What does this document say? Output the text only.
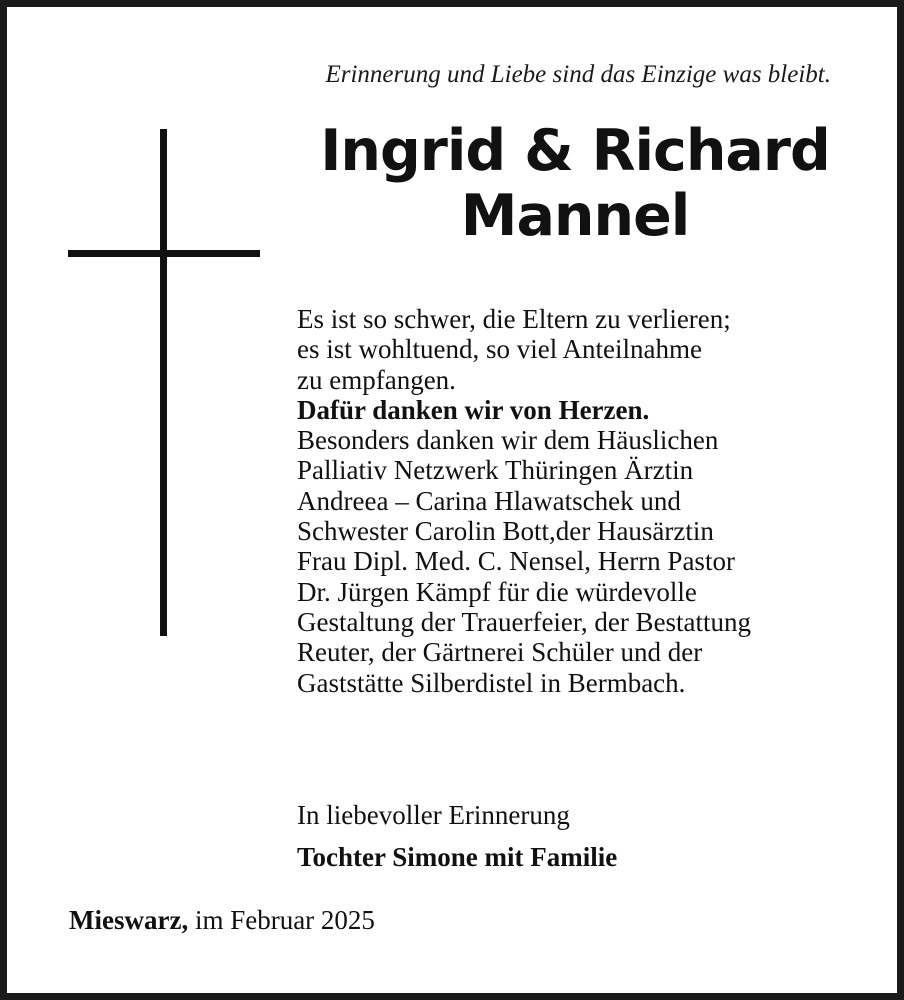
Erinnerung und Liebe sind das Einzige was bleibt.
Ingrid & Richard
Mannel
Es ist so schwer, die Eltern zu verlieren;
es ist wohltuend, so viel Anteilnahme
zu empfangen.
Dafür danken wir von Herzen.
Besonders danken wir dem Häuslichen
Palliativ Netzwerk Thüringen Ärztin
Andreea – Carina Hlawatschek und
Schwester Carolin Bott,der Hausärztin
Frau Dipl. Med. C. Nensel, Herrn Pastor
Dr. Jürgen Kämpf für die würdevolle
Gestaltung der Trauerfeier, der Bestattung
Reuter, der Gärtnerei Schüler und der
Gaststätte Silberdistel in Bermbach.
In liebevoller Erinnerung
Tochter Simone mit Familie
Mieswarz, im Februar 2025
